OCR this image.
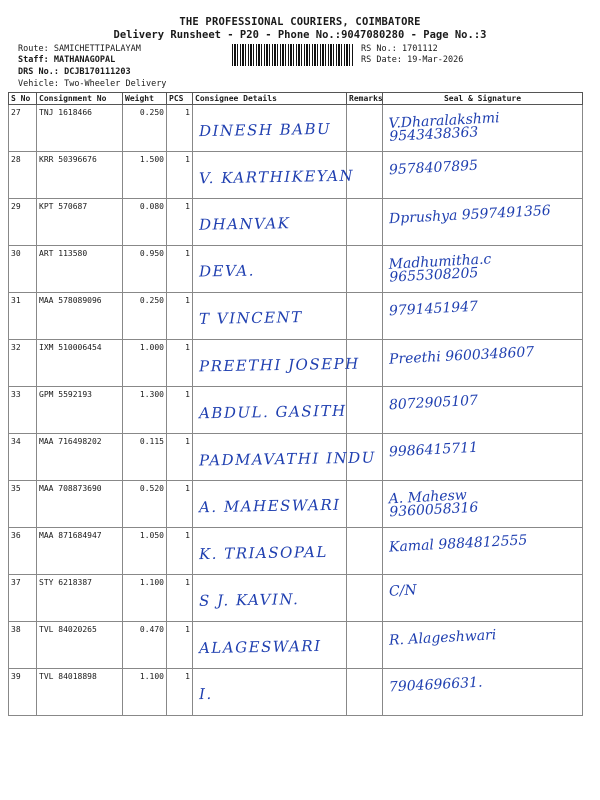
THE PROFESSIONAL COURIERS, COIMBATORE
Delivery Runsheet - P20 - Phone No.:9047080280 - Page No.:3
Route: SAMICHETTIPALAYAM
Staff: MATHANAGOPAL
DRS No.: DCJB170111203
Vehicle: Two-Wheeler Delivery
RS No.: 1701112
RS Date: 19-Mar-2026
S No	Consignment No	Weight	PCS	Consignee Details	Remarks	Seal & Signature
27	TNJ 1618466	0.250	1	DINESH BABU		V.Dharalakshmi
9543438363

28	KRR 50396676	1.500	1	V. KARTHIKEYAN		9578407895

29	KPT 570687	0.080	1	DHANVAK		Dprushya 9597491356

30	ART 113580	0.950	1	DEVA.		Madhumitha.c
9655308205

31	MAA 578089096	0.250	1	T VINCENT		9791451947

32	IXM 510006454	1.000	1	PREETHI JOSEPH		Preethi 9600348607

33	GPM 5592193	1.300	1	ABDUL. GASITH		8072905107

34	MAA 716498202	0.115	1	PADMAVATHI INDU		9986415711

35	MAA 708873690	0.520	1	A. MAHESWARI		A. Mahesw
9360058316

36	MAA 871684947	1.050	1	K. TRIASOPAL		Kamal 9884812555

37	STY 6218387	1.100	1	S J. KAVIN.		C/N

38	TVL 84020265	0.470	1	ALAGESWARI		R. Alageshwari

39	TVL 84018898	1.100	1	I.		7904696631.
